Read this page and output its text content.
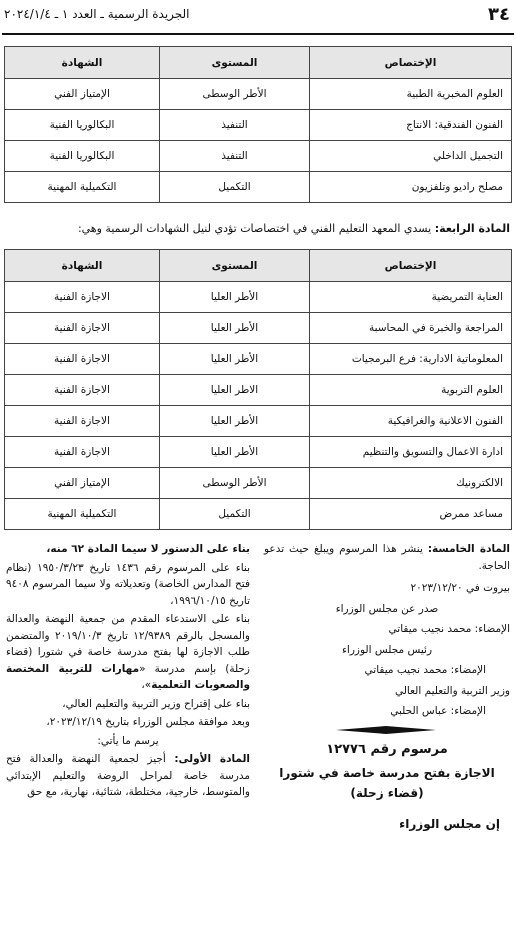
٣٤
الجريدة الرسمية ـ العدد ١ ـ ٢٠٢٤/١/٤
الإختصاص	المستوى	الشهادة
العلوم المخبرية الطبية	الأطر الوسطى	الإمتياز الفني
الفنون الفندقية: الانتاج	التنفيذ	البكالوريا الفنية
التجميل الداخلي	التنفيذ	البكالوريا الفنية
مصلح راديو وتلفزيون	التكميل	التكميلية المهنية
المادة الرابعة: يسدي المعهد التعليم الفني في اختصاصات تؤدي لنيل الشهادات الرسمية وهي:
الإختصاص	المستوى	الشهادة
العناية التمريضية	الأطر العليا	الاجازة الفنية
المراجعة والخبرة في المحاسبة	الأطر العليا	الاجازة الفنية
المعلوماتية الادارية: فرع البرمجيات	الأطر العليا	الاجازة الفنية
العلوم التربوية	الاطر العليا	الاجازة الفنية
الفنون الاعلانية والغرافيكية	الأطر العليا	الاجازة الفنية
ادارة الاعمال والتسويق والتنظيم	الأطر العليا	الاجازة الفنية
الالكترونيك	الأطر الوسطى	الإمتياز الفني
مساعد ممرض	التكميل	التكميلية المهنية

المادة الخامسة: ينشر هذا المرسوم ويبلغ حيث تدعو الحاجة.

بيروت في ٢٠٢٣/١٢/٢٠

صدر عن مجلس الوزراء

الإمضاء: محمد نجيب ميقاتي

رئيس مجلس الوزراء

الإمضاء: محمد نجيب ميقاتي

وزير التربية والتعليم العالي

الإمضاء: عباس الحلبي

مرسوم رقم ١٢٧٧٦

الاجازة بفتح مدرسة خاصة في شتورا

(قضاء زحلة)

إن مجلس الوزراء

بناء على الدستور لا سيما المادة ٦٢ منه،

بناء على المرسوم رقم ١٤٣٦ تاريخ ١٩٥٠/٣/٢٣ (نظام فتح المدارس الخاصة) وتعديلاته ولا سيما المرسوم ٩٤٠٨ تاريخ ١٩٩٦/١٠/١٥،

بناء على الاستدعاء المقدم من جمعية النهضة والعدالة والمسجل بالرقم ١٢/٩٣٨٩ تاريخ ٢٠١٩/١٠/٣ والمتضمن طلب الاجازة لها بفتح مدرسة خاصة في شتورا (قضاء زحلة) بإسم مدرسة «مهارات للتربية المختصة والصعوبات التعلمية»،

بناء على إقتراح وزير التربية والتعليم العالي،

وبعد موافقة مجلس الوزراء بتاريخ ٢٠٢٣/١٢/١٩،

يرسم ما يأتي:

المادة الأولى: أجيز لجمعية النهضة والعدالة فتح مدرسة خاصة لمراحل الروضة والتعليم الإبتدائي والمتوسط، خارجية، مختلطة، شتائية، نهارية، مع حق
